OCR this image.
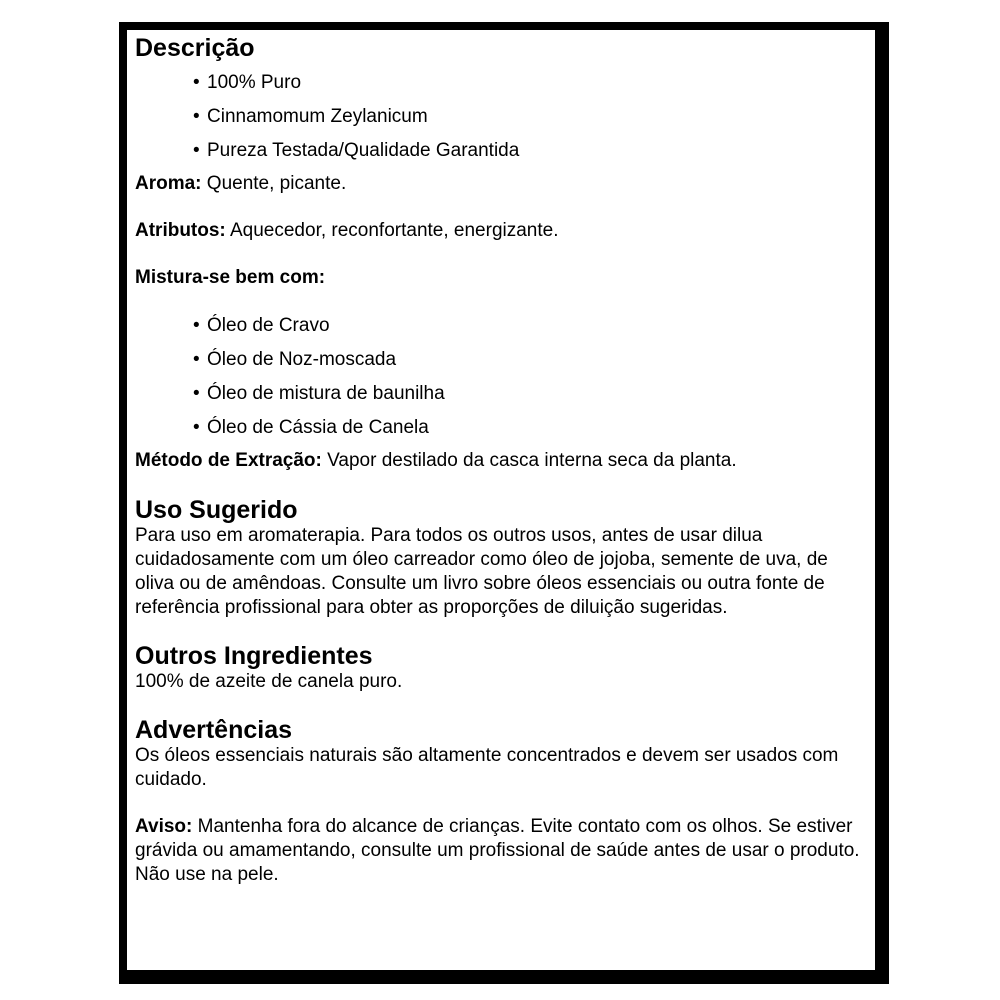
Descrição
• 100% Puro
• Cinnamomum Zeylanicum
• Pureza Testada/Qualidade Garantida

Aroma: Quente, picante.

Atributos: Aquecedor, reconfortante, energizante.

Mistura-se bem com:

• Óleo de Cravo
• Óleo de Noz-moscada
• Óleo de mistura de baunilha
• Óleo de Cássia de Canela

Método de Extração: Vapor destilado da casca interna seca da planta.

Uso Sugerido

Para uso em aromaterapia. Para todos os outros usos, antes de usar dilua cuidadosamente com um óleo carreador como óleo de jojoba, semente de uva, de oliva ou de amêndoas. Consulte um livro sobre óleos essenciais ou outra fonte de referência profissional para obter as proporções de diluição sugeridas.

Outros Ingredientes

100% de azeite de canela puro.

Advertências

Os óleos essenciais naturais são altamente concentrados e devem ser usados com cuidado.

Aviso: Mantenha fora do alcance de crianças. Evite contato com os olhos. Se estiver grávida ou amamentando, consulte um profissional de saúde antes de usar o produto. Não use na pele.
